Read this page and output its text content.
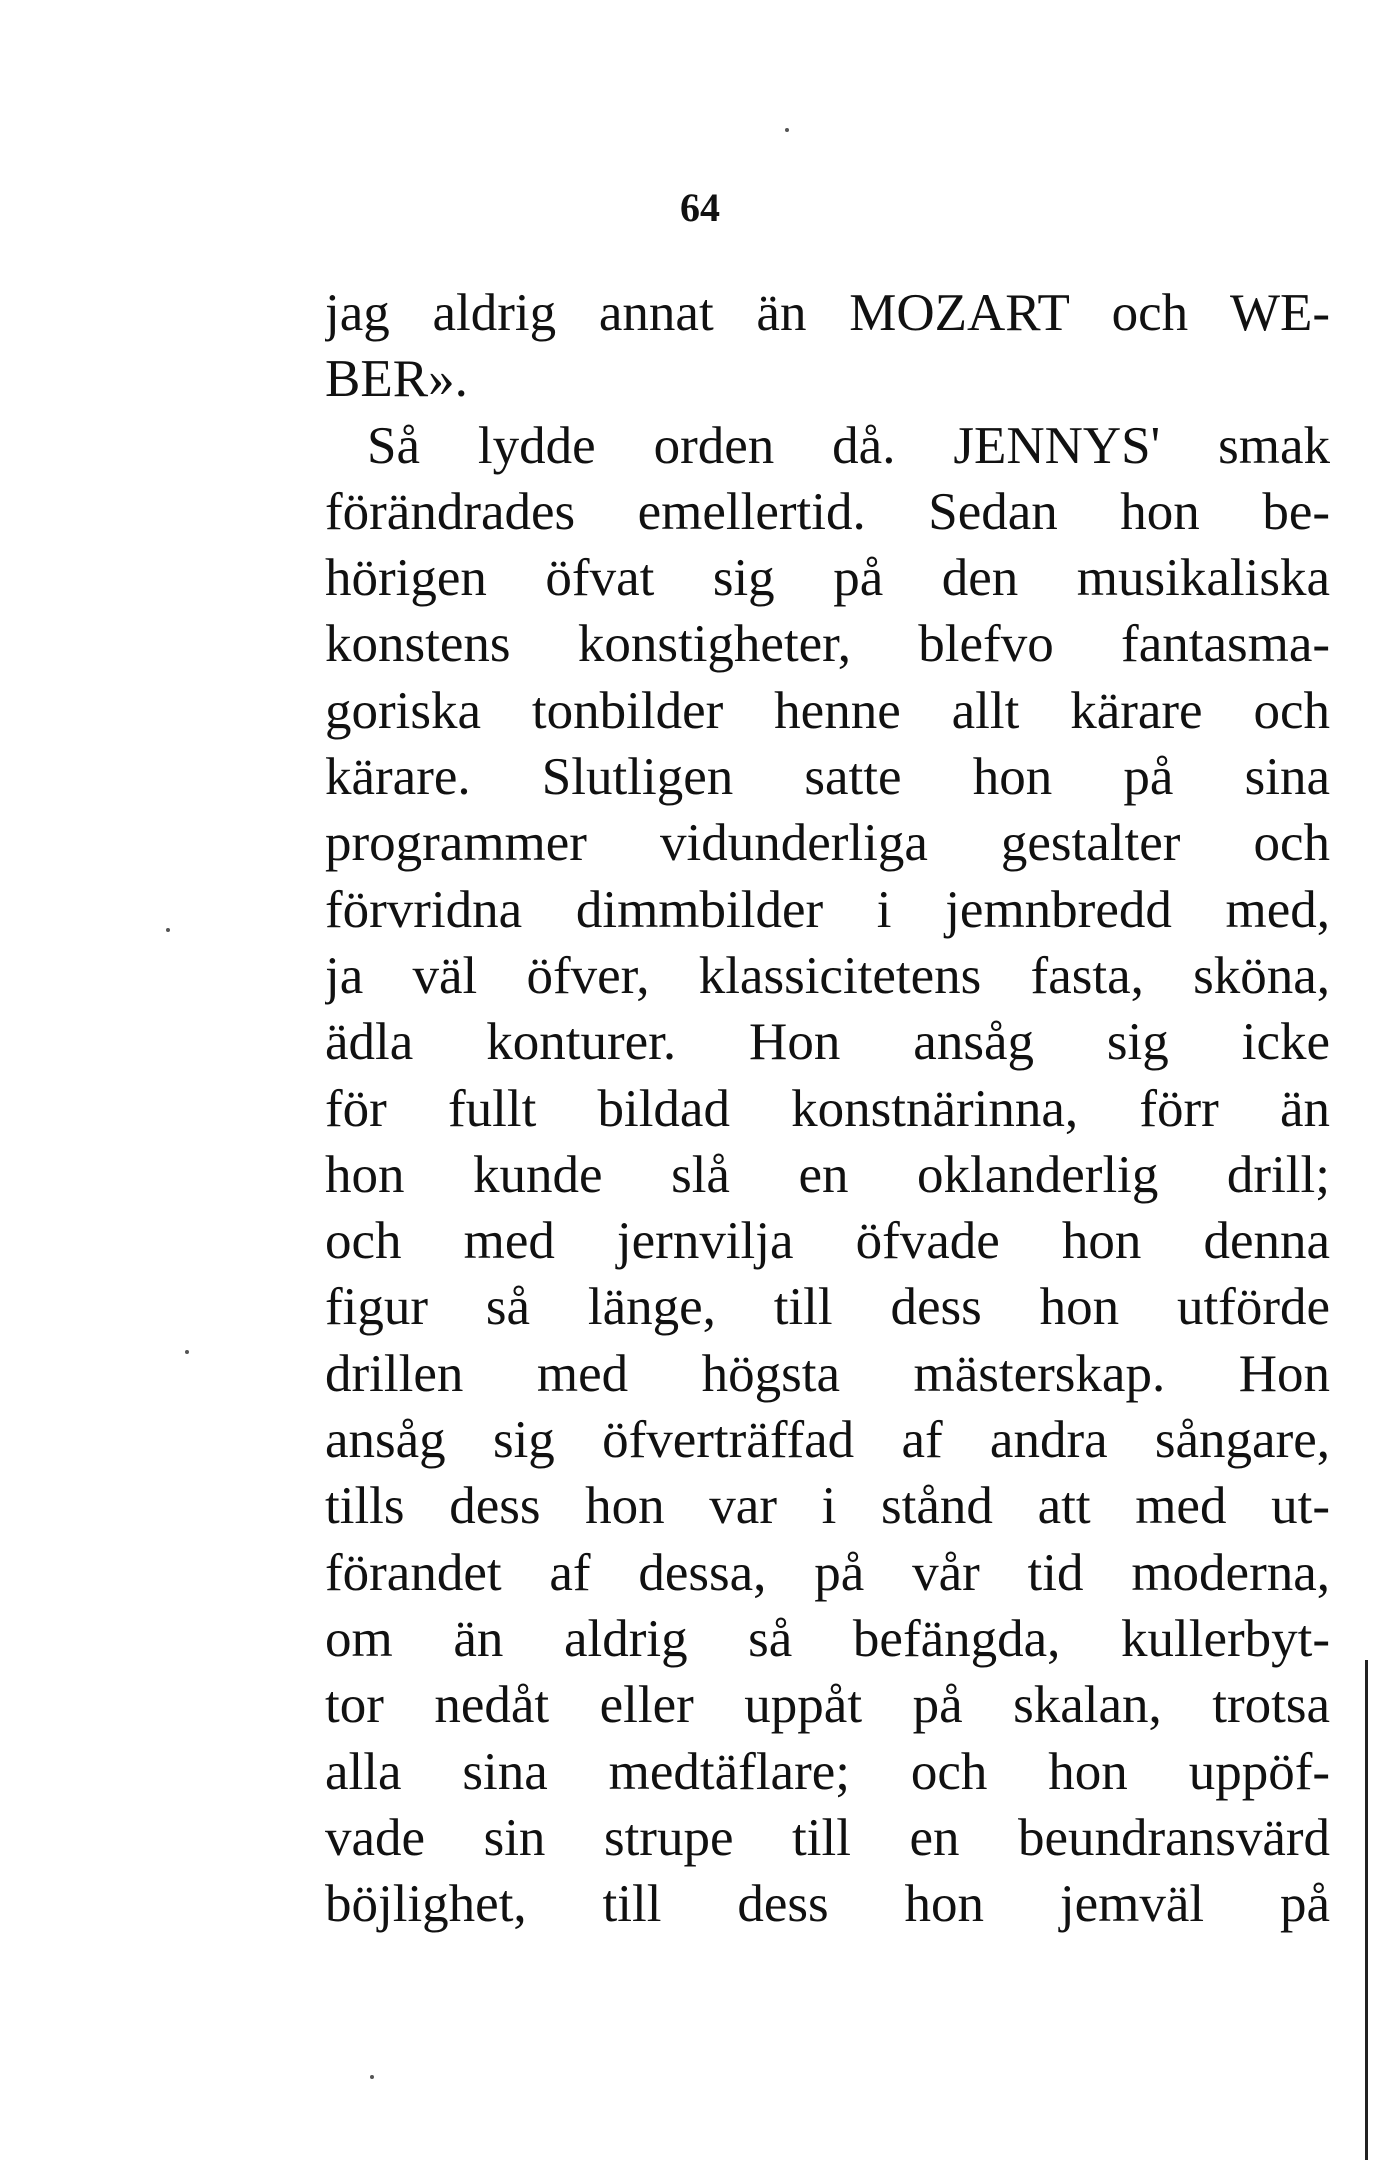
64
jag aldrig annat än MOZART och WE-
BER».
Så lydde orden då. JENNYS' smak
förändrades emellertid. Sedan hon be-
hörigen öfvat sig på den musikaliska
konstens konstigheter, blefvo fantasma-
goriska tonbilder henne allt kärare och
kärare. Slutligen satte hon på sina
programmer vidunderliga gestalter och
förvridna dimmbilder i jemnbredd med,
ja väl öfver, klassicitetens fasta, sköna,
ädla konturer. Hon ansåg sig icke
för fullt bildad konstnärinna, förr än
hon kunde slå en oklanderlig drill;
och med jernvilja öfvade hon denna
figur så länge, till dess hon utförde
drillen med högsta mästerskap. Hon
ansåg sig öfverträffad af andra sångare,
tills dess hon var i stånd att med ut-
förandet af dessa, på vår tid moderna,
om än aldrig så befängda, kullerbyt-
tor nedåt eller uppåt på skalan, trotsa
alla sina medtäflare; och hon uppöf-
vade sin strupe till en beundransvärd
böjlighet, till dess hon jemväl på
